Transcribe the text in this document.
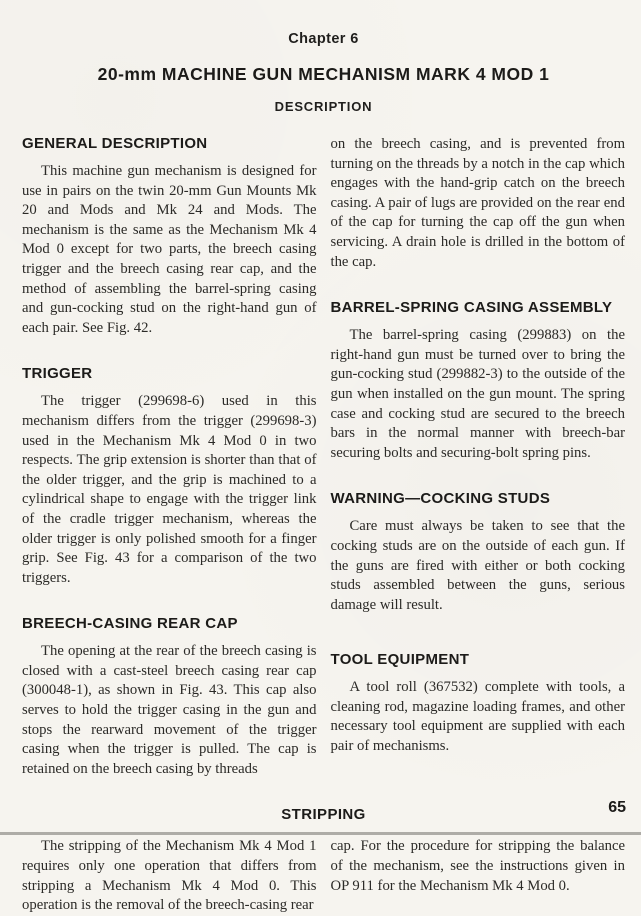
Chapter 6
20-mm MACHINE GUN MECHANISM MARK 4 MOD 1
DESCRIPTION
GENERAL DESCRIPTION

This machine gun mechanism is designed for use in pairs on the twin 20-mm Gun Mounts Mk 20 and Mods and Mk 24 and Mods. The mechanism is the same as the Mechanism Mk 4 Mod 0 except for two parts, the breech casing trigger and the breech casing rear cap, and the method of assembling the barrel-spring casing and gun-cocking stud on the right-hand gun of each pair. See Fig. 42.

TRIGGER

The trigger (299698-6) used in this mechanism differs from the trigger (299698-3) used in the Mechanism Mk 4 Mod 0 in two respects. The grip extension is shorter than that of the older trigger, and the grip is machined to a cylindrical shape to engage with the trigger link of the cradle trigger mechanism, whereas the older trigger is only polished smooth for a finger grip. See Fig. 43 for a comparison of the two triggers.

BREECH-CASING REAR CAP

The opening at the rear of the breech casing is closed with a cast-steel breech casing rear cap (300048-1), as shown in Fig. 43. This cap also serves to hold the trigger casing in the gun and stops the rearward movement of the trigger casing when the trigger is pulled. The cap is retained on the breech casing by threads

on the breech casing, and is prevented from turning on the threads by a notch in the cap which engages with the hand-grip catch on the breech casing. A pair of lugs are provided on the rear end of the cap for turning the cap off the gun when servicing. A drain hole is drilled in the bottom of the cap.

BARREL-SPRING CASING ASSEMBLY

The barrel-spring casing (299883) on the right-hand gun must be turned over to bring the gun-cocking stud (299882-3) to the outside of the gun when installed on the gun mount. The spring case and cocking stud are secured to the breech bars in the normal manner with breech-bar securing bolts and securing-bolt spring pins.

WARNING—COCKING STUDS

Care must always be taken to see that the cocking studs are on the outside of each gun. If the guns are fired with either or both cocking studs assembled between the guns, serious damage will result.

TOOL EQUIPMENT

A tool roll (367532) complete with tools, a cleaning rod, magazine loading frames, and other necessary tool equipment are supplied with each pair of mechanisms.

STRIPPING

The stripping of the Mechanism Mk 4 Mod 1 requires only one operation that differs from stripping a Mechanism Mk 4 Mod 0. This operation is the removal of the breech-casing rear

cap. For the procedure for stripping the balance of the mechanism, see the instructions given in OP 911 for the Mechanism Mk 4 Mod 0.

65
